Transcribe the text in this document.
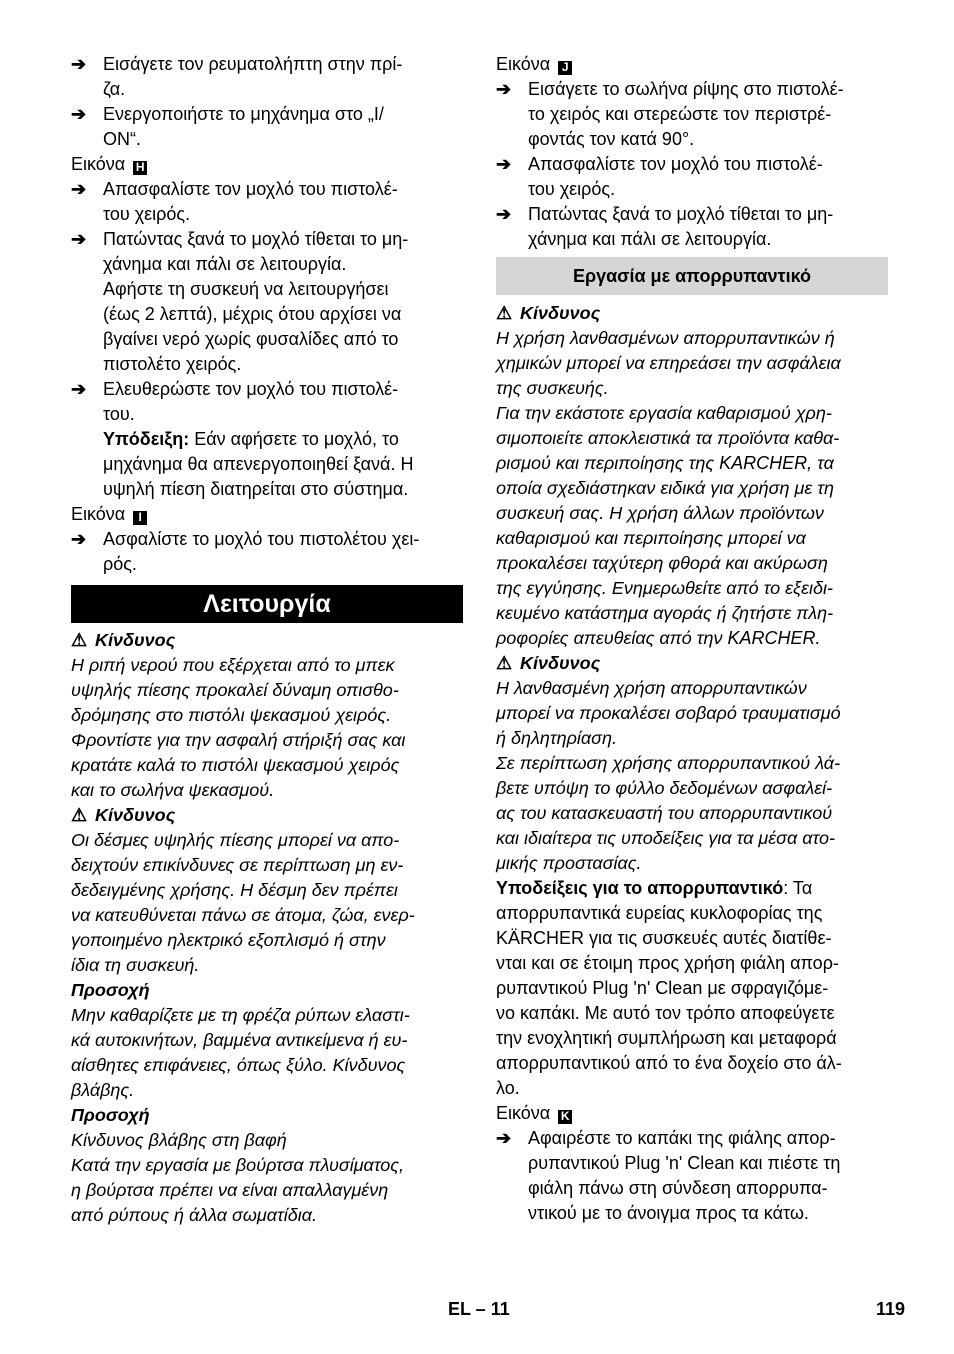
➔ Εισάγετε τον ρευματολήπτη στην πρί-
ζα.
➔ Ενεργοποιήστε το μηχάνημα στο „I/
ON“.
Εικόνα H
➔ Απασφαλίστε τον μοχλό του πιστολέ-
του χειρός.
➔ Πατώντας ξανά το μοχλό τίθεται το μη-
χάνημα και πάλι σε λειτουργία.
Αφήστε τη συσκευή να λειτουργήσει
(έως 2 λεπτά), μέχρις ότου αρχίσει να
βγαίνει νερό χωρίς φυσαλίδες από το
πιστολέτο χειρός.
➔ Ελευθερώστε τον μοχλό του πιστολέ-
του.
Υπόδειξη: Εάν αφήσετε το μοχλό, το
μηχάνημα θα απενεργοποιηθεί ξανά. Η
υψηλή πίεση διατηρείται στο σύστημα.
Εικόνα I
➔ Ασφαλίστε το μοχλό του πιστολέτου χει-
ρός.
Λειτουργία
⚠ Κίνδυνος
Η ριπή νερού που εξέρχεται από το μπεκ
υψηλής πίεσης προκαλεί δύναμη οπισθο-
δρόμησης στο πιστόλι ψεκασμού χειρός.
Φροντίστε για την ασφαλή στήριξή σας και
κρατάτε καλά το πιστόλι ψεκασμού χειρός
και το σωλήνα ψεκασμού.
⚠ Κίνδυνος
Οι δέσμες υψηλής πίεσης μπορεί να απο-
δειχτούν επικίνδυνες σε περίπτωση μη εν-
δεδειγμένης χρήσης. Η δέσμη δεν πρέπει
να κατευθύνεται πάνω σε άτομα, ζώα, ενερ-
γοποιημένο ηλεκτρικό εξοπλισμό ή στην
ίδια τη συσκευή.
Προσοχή
Μην καθαρίζετε με τη φρέζα ρύπων ελαστι-
κά αυτοκινήτων, βαμμένα αντικείμενα ή ευ-
αίσθητες επιφάνειες, όπως ξύλο. Κίνδυνος
βλάβης.
Προσοχή
Κίνδυνος βλάβης στη βαφή
Κατά την εργασία με βούρτσα πλυσίματος,
η βούρτσα πρέπει να είναι απαλλαγμένη
από ρύπους ή άλλα σωματίδια.
Εικόνα J
➔ Εισάγετε το σωλήνα ρίψης στο πιστολέ-
το χειρός και στερεώστε τον περιστρέ-
φοντάς τον κατά 90°.
➔ Απασφαλίστε τον μοχλό του πιστολέ-
του χειρός.
➔ Πατώντας ξανά το μοχλό τίθεται το μη-
χάνημα και πάλι σε λειτουργία.
Εργασία με απορρυπαντικό
⚠ Κίνδυνος
Η χρήση λανθασμένων απορρυπαντικών ή
χημικών μπορεί να επηρεάσει την ασφάλεια
της συσκευής.
Για την εκάστοτε εργασία καθαρισμού χρη-
σιμοποιείτε αποκλειστικά τα προϊόντα καθα-
ρισμού και περιποίησης της KARCHER, τα
οποία σχεδιάστηκαν ειδικά για χρήση με τη
συσκευή σας. Η χρήση άλλων προϊόντων
καθαρισμού και περιποίησης μπορεί να
προκαλέσει ταχύτερη φθορά και ακύρωση
της εγγύησης. Ενημερωθείτε από το εξειδι-
κευμένο κατάστημα αγοράς ή ζητήστε πλη-
ροφορίες απευθείας από την KARCHER.
⚠ Κίνδυνος
Η λανθασμένη χρήση απορρυπαντικών
μπορεί να προκαλέσει σοβαρό τραυματισμό
ή δηλητηρίαση.
Σε περίπτωση χρήσης απορρυπαντικού λά-
βετε υπόψη το φύλλο δεδομένων ασφαλεί-
ας του κατασκευαστή του απορρυπαντικού
και ιδιαίτερα τις υποδείξεις για τα μέσα ατο-
μικής προστασίας.
Υποδείξεις για το απορρυπαντικό: Τα
απορρυπαντικά ευρείας κυκλοφορίας της
KÄRCHER για τις συσκευές αυτές διατίθε-
νται και σε έτοιμη προς χρήση φιάλη απορ-
ρυπαντικού Plug 'n' Clean με σφραγιζόμε-
νο καπάκι. Με αυτό τον τρόπο αποφεύγετε
την ενοχλητική συμπλήρωση και μεταφορά
απορρυπαντικού από το ένα δοχείο στο άλ-
λο.
Εικόνα K
➔ Αφαιρέστε το καπάκι της φιάλης απορ-
ρυπαντικού Plug 'n' Clean και πιέστε τη
φιάλη πάνω στη σύνδεση απορρυπα-
ντικού με το άνοιγμα προς τα κάτω.
EL – 11	119
